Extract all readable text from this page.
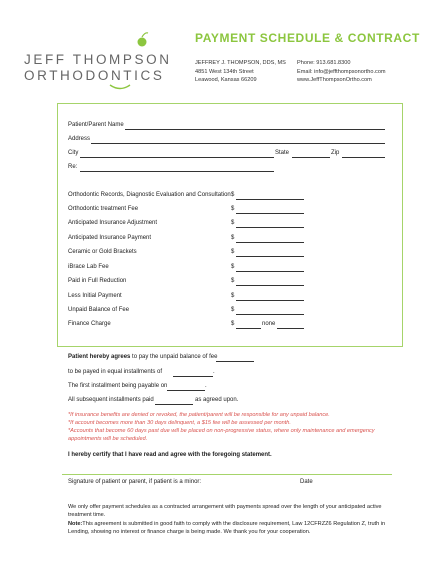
JEFF THOMPSON
ORTHODONTICS
PAYMENT SCHEDULE & CONTRACT
JEFFREY J. THOMPSON, DDS, MS
4851 West 134th Street
Leawood, Kansas 66209
Phone: 913.681.8300
Email: info@jeffthompsonortho.com
www.JeffThompsonOrtho.com
Patient/Parent Name
Address
City	State	Zip
Re:
Orthodontic Records, Diagnostic Evaluation and Consultation $
Orthodontic treatment Fee	$
Anticipated Insurance Adjustment	$
Anticipated Insurance Payment	$
Ceramic or Gold Brackets	$
iBrace Lab Fee	$
Paid in Full Reduction	$
Less Initial Payment	$
Unpaid Balance of Fee	$
Finance Charge	$	none
Patient hereby agrees to pay the unpaid balance of fee
to be payed in equal installments of	.
The first installment being payable on	.
All subsequent installments paid	as agreed upon.
*If insurance benefits are denied or revoked, the patient/parent will be responsible for any unpaid balance.
*If account becomes more than 30 days delinquent, a $15 fee will be assessed per month.
*Accounts that become 60 days past due will be placed on non-progressive status, where only maintenance and emergency appointments will be scheduled.
I hereby certify that I have read and agree with the foregoing statement.
Signature of patient or parent, if patient is a minor:	Date
We only offer payment schedules as a contracted arrangement with payments spread over the length of your anticipated active treatment time.
Note:This agreement is submitted in good faith to comply with the disclosure requirement, Law 12CFRZZ6 Regulation Z, truth in Lending, showing no interest or finance charge is being made. We thank you for your cooperation.
